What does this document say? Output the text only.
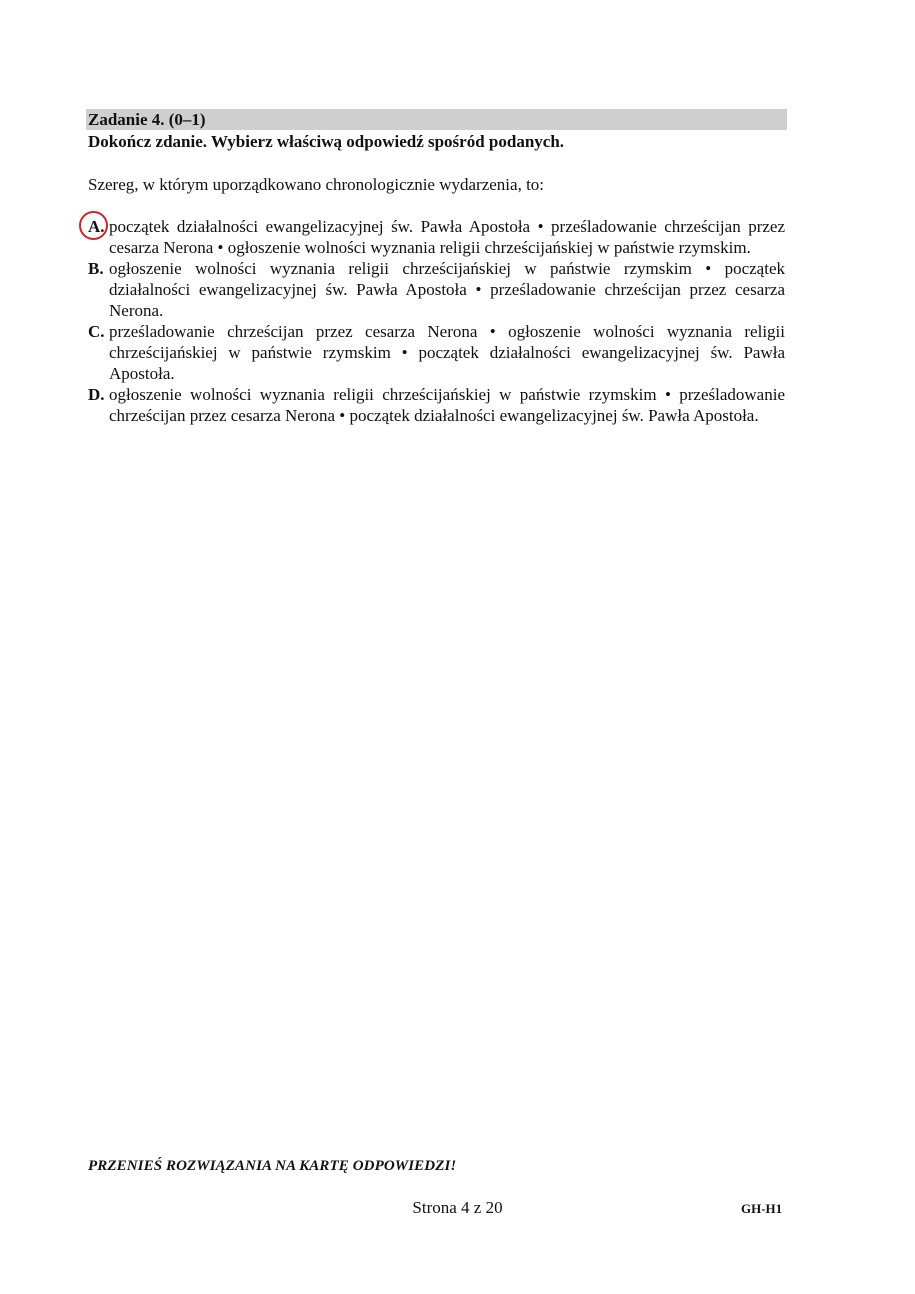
Zadanie 4. (0–1)
Dokończ zdanie. Wybierz właściwą odpowiedź spośród podanych.
Szereg, w którym uporządkowano chronologicznie wydarzenia, to:
A. początek działalności ewangelizacyjnej św. Pawła Apostoła • prześladowanie chrześcijan przez cesarza Nerona • ogłoszenie wolności wyznania religii chrześcijańskiej w państwie rzymskim.
B. ogłoszenie wolności wyznania religii chrześcijańskiej w państwie rzymskim • początek działalności ewangelizacyjnej św. Pawła Apostoła • prześladowanie chrześcijan przez cesarza Nerona.
C. prześladowanie chrześcijan przez cesarza Nerona • ogłoszenie wolności wyznania religii chrześcijańskiej w państwie rzymskim • początek działalności ewangelizacyjnej św. Pawła Apostoła.
D. ogłoszenie wolności wyznania religii chrześcijańskiej w państwie rzymskim • prześladowanie chrześcijan przez cesarza Nerona • początek działalności ewangelizacyjnej św. Pawła Apostoła.
PRZENIEŚ ROZWIĄZANIA NA KARTĘ ODPOWIEDZI!
Strona 4 z 20	GH-H1
